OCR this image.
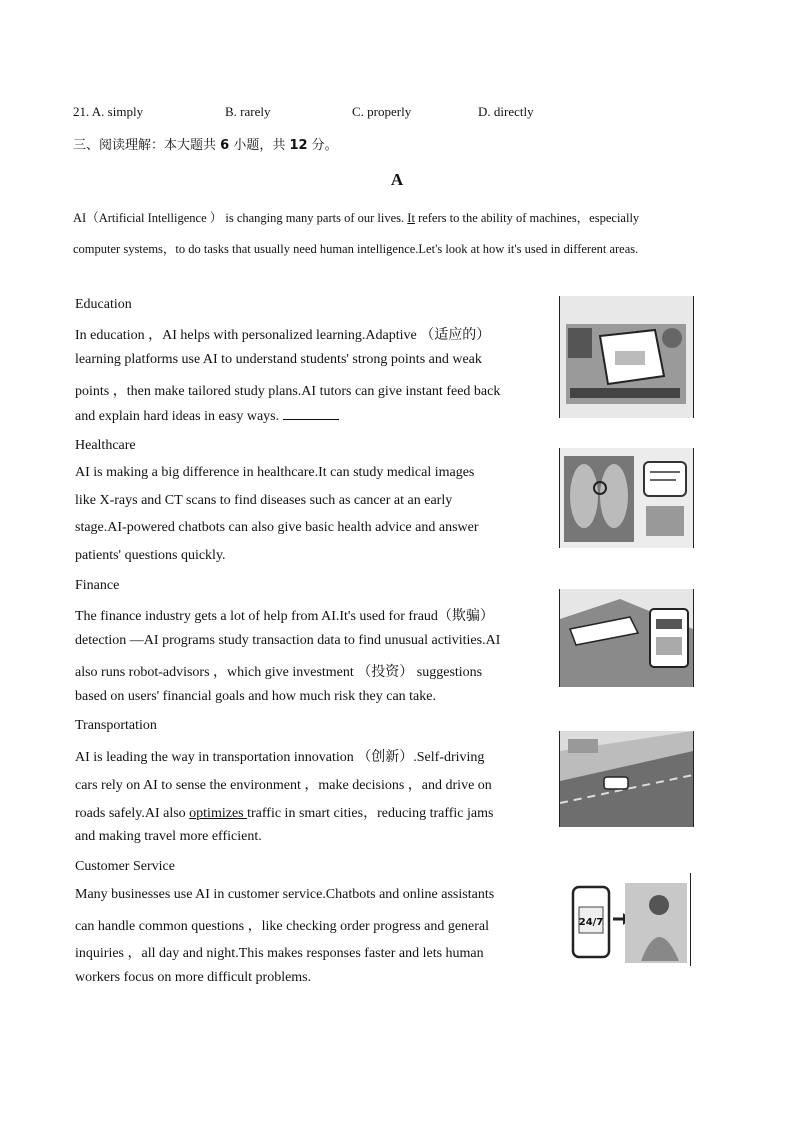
21. A. simply	B. rarely	C. properly	D. directly
三、阅读理解：本大题共 6 小题，共 12 分。
A
AI（Artificial Intelligence ） is changing many parts of our lives. It refers to the ability of machines，especially
computer systems，to do tasks that usually need human intelligence.Let's look at how it's used in different areas.
Education
In education ，AI helps with personalized learning.Adaptive （适应的）
learning platforms use AI to understand students' strong points and weak
points ，then make tailored study plans.AI tutors can give instant feed back
and explain hard ideas in easy ways.
Healthcare
AI is making a big difference in healthcare.It can study medical images
like X-rays and CT scans to find diseases such as cancer at an early
stage.AI-powered chatbots can also give basic health advice and answer
patients' questions quickly.
Finance
The finance industry gets a lot of help from AI.It's used for fraud（欺骗）
detection —AI programs study transaction data to find unusual activities.AI
also runs robot-advisors ，which give investment （投资） suggestions
based on users' financial goals and how much risk they can take.
Transportation
AI is leading the way in transportation innovation （创新）.Self-driving
cars rely on AI to sense the environment ，make decisions ，and drive on
roads safely.AI also optimizes traffic in smart cities，reducing traffic jams
and making travel more efficient.
Customer Service
Many businesses use AI in customer service.Chatbots and online assistants
can handle common questions ，like checking order progress and general
inquiries ，all day and night.This makes responses faster and lets human
workers focus on more difficult problems.
24/7
